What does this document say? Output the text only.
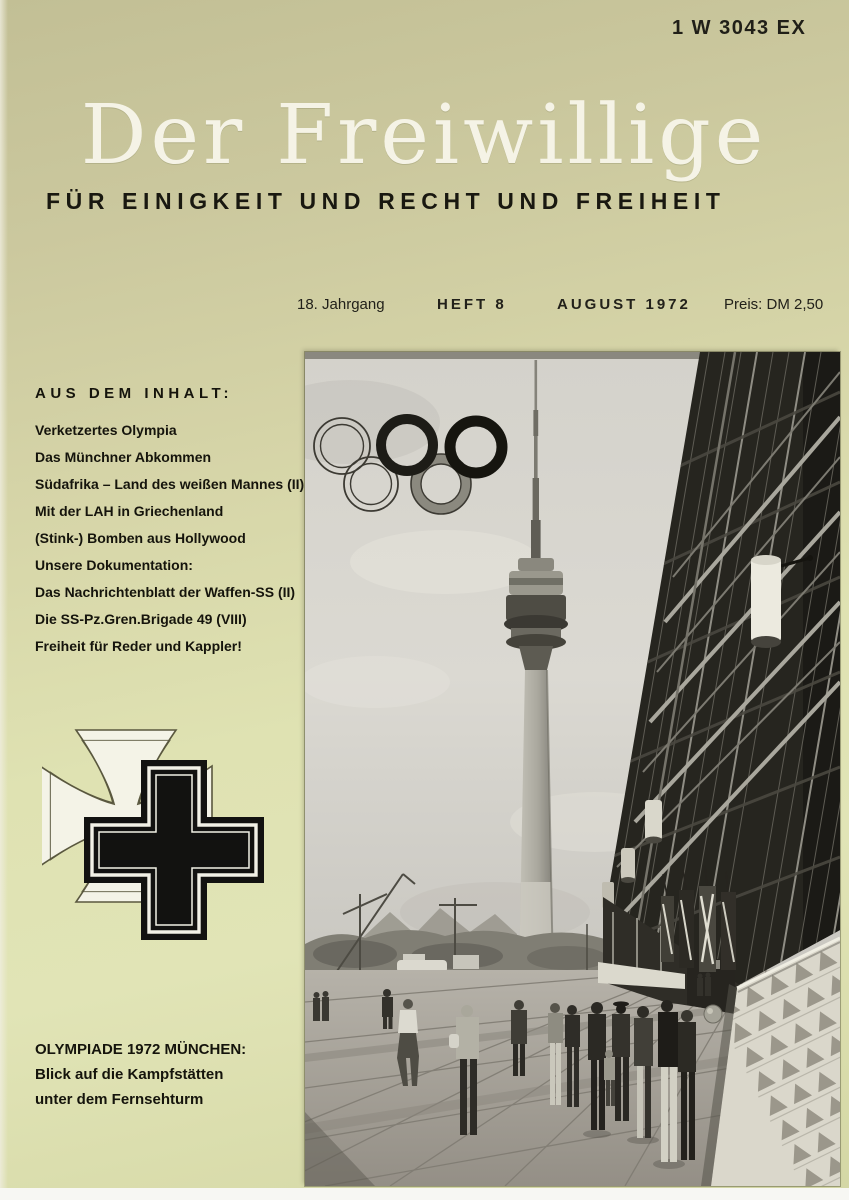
1 W 3043 EX
Der Freiwillige
FÜR EINIGKEIT UND RECHT UND FREIHEIT
18. Jahrgang	HEFT 8	AUGUST 1972 Preis: DM 2,50
AUS DEM INHALT:
Verketzertes Olympia
Das Münchner Abkommen
Südafrika – Land des weißen Mannes (II)
Mit der LAH in Griechenland
(Stink-) Bomben aus Hollywood
Unsere Dokumentation:
Das Nachrichtenblatt der Waffen-SS (II)
Die SS-Pz.Gren.Brigade 49 (VIII)
Freiheit für Reder und Kappler!
OLYMPIADE 1972 MÜNCHEN:
Blick auf die Kampfstätten
unter dem Fernsehturm
